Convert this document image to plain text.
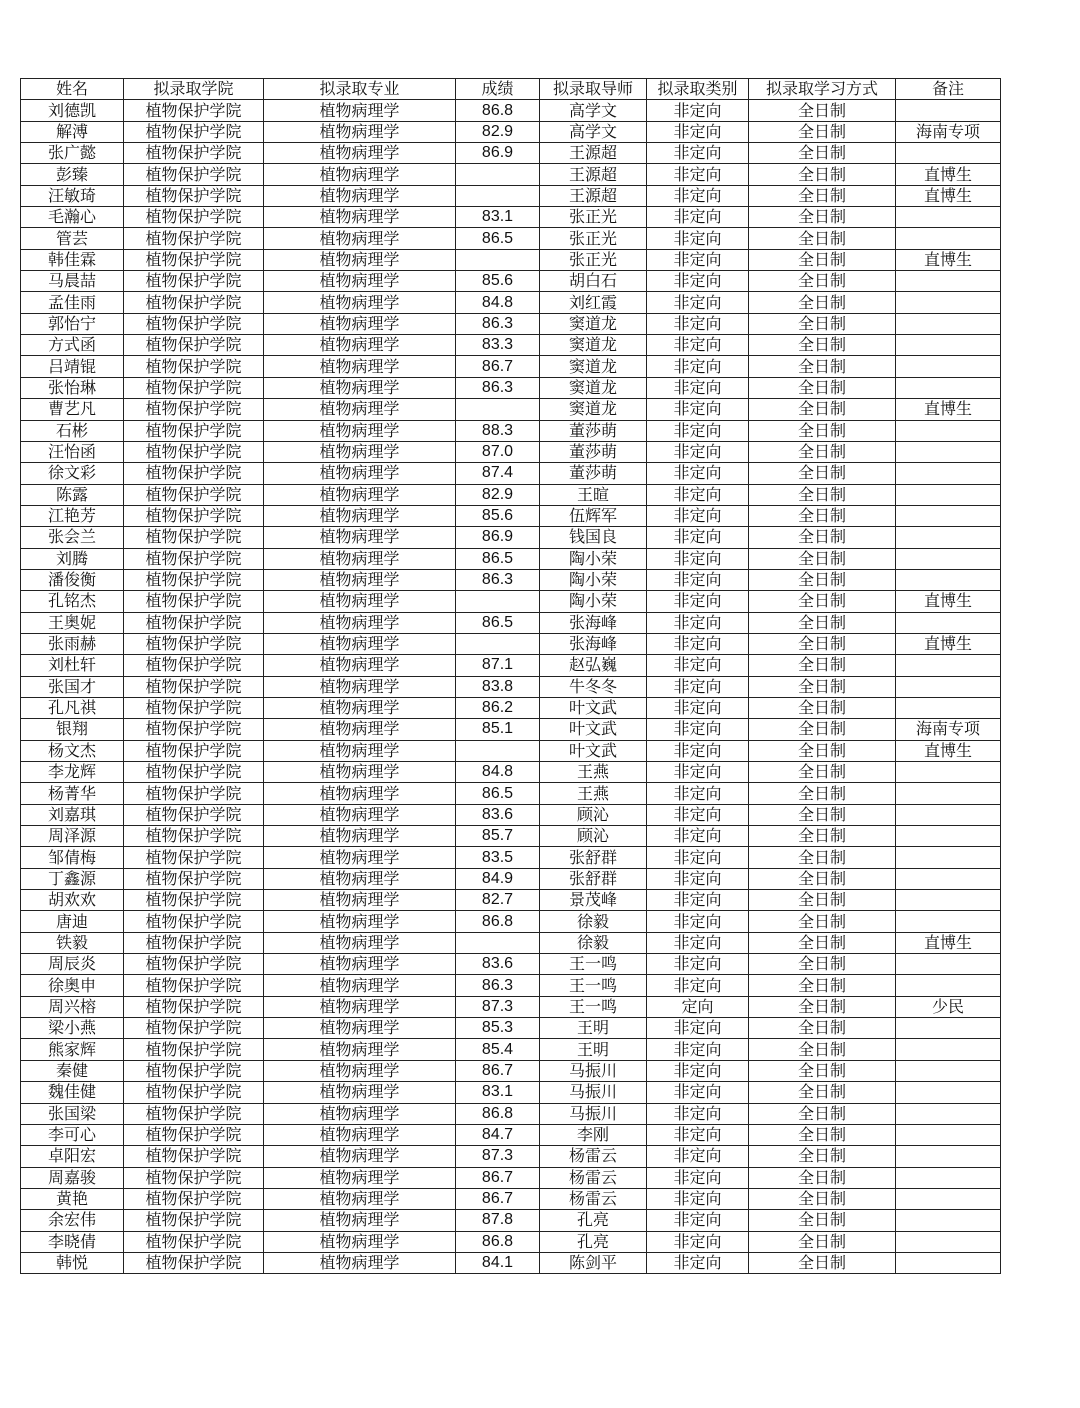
姓名	拟录取学院	拟录取专业	成绩	拟录取导师	拟录取类别	拟录取学习方式	备注
刘德凯	植物保护学院	植物病理学	86.8	高学文	非定向	全日制	
解溥	植物保护学院	植物病理学	82.9	高学文	非定向	全日制	海南专项
张广懿	植物保护学院	植物病理学	86.9	王源超	非定向	全日制	
彭臻	植物保护学院	植物病理学		王源超	非定向	全日制	直博生
汪敏琦	植物保护学院	植物病理学		王源超	非定向	全日制	直博生
毛瀚心	植物保护学院	植物病理学	83.1	张正光	非定向	全日制	
管芸	植物保护学院	植物病理学	86.5	张正光	非定向	全日制	
韩佳霖	植物保护学院	植物病理学		张正光	非定向	全日制	直博生
马晨喆	植物保护学院	植物病理学	85.6	胡白石	非定向	全日制	
孟佳雨	植物保护学院	植物病理学	84.8	刘红霞	非定向	全日制	
郭怡宁	植物保护学院	植物病理学	86.3	窦道龙	非定向	全日制	
方式函	植物保护学院	植物病理学	83.3	窦道龙	非定向	全日制	
吕靖锟	植物保护学院	植物病理学	86.7	窦道龙	非定向	全日制	
张怡琳	植物保护学院	植物病理学	86.3	窦道龙	非定向	全日制	
曹艺凡	植物保护学院	植物病理学		窦道龙	非定向	全日制	直博生
石彬	植物保护学院	植物病理学	88.3	董莎萌	非定向	全日制	
汪怡函	植物保护学院	植物病理学	87.0	董莎萌	非定向	全日制	
徐文彩	植物保护学院	植物病理学	87.4	董莎萌	非定向	全日制	
陈露	植物保护学院	植物病理学	82.9	王暄	非定向	全日制	
江艳芳	植物保护学院	植物病理学	85.6	伍辉军	非定向	全日制	
张会兰	植物保护学院	植物病理学	86.9	钱国良	非定向	全日制	
刘腾	植物保护学院	植物病理学	86.5	陶小荣	非定向	全日制	
潘俊衡	植物保护学院	植物病理学	86.3	陶小荣	非定向	全日制	
孔铭杰	植物保护学院	植物病理学		陶小荣	非定向	全日制	直博生
王奥妮	植物保护学院	植物病理学	86.5	张海峰	非定向	全日制	
张雨赫	植物保护学院	植物病理学		张海峰	非定向	全日制	直博生
刘杜轩	植物保护学院	植物病理学	87.1	赵弘巍	非定向	全日制	
张国才	植物保护学院	植物病理学	83.8	牛冬冬	非定向	全日制	
孔凡祺	植物保护学院	植物病理学	86.2	叶文武	非定向	全日制	
银翔	植物保护学院	植物病理学	85.1	叶文武	非定向	全日制	海南专项
杨文杰	植物保护学院	植物病理学		叶文武	非定向	全日制	直博生
李龙辉	植物保护学院	植物病理学	84.8	王燕	非定向	全日制	
杨菁华	植物保护学院	植物病理学	86.5	王燕	非定向	全日制	
刘嘉琪	植物保护学院	植物病理学	83.6	顾沁	非定向	全日制	
周泽源	植物保护学院	植物病理学	85.7	顾沁	非定向	全日制	
邹倩梅	植物保护学院	植物病理学	83.5	张舒群	非定向	全日制	
丁鑫源	植物保护学院	植物病理学	84.9	张舒群	非定向	全日制	
胡欢欢	植物保护学院	植物病理学	82.7	景茂峰	非定向	全日制	
唐迪	植物保护学院	植物病理学	86.8	徐毅	非定向	全日制	
铁毅	植物保护学院	植物病理学		徐毅	非定向	全日制	直博生
周辰炎	植物保护学院	植物病理学	83.6	王一鸣	非定向	全日制	
徐奥申	植物保护学院	植物病理学	86.3	王一鸣	非定向	全日制	
周兴榕	植物保护学院	植物病理学	87.3	王一鸣	定向	全日制	少民
梁小燕	植物保护学院	植物病理学	85.3	王明	非定向	全日制	
熊家辉	植物保护学院	植物病理学	85.4	王明	非定向	全日制	
秦健	植物保护学院	植物病理学	86.7	马振川	非定向	全日制	
魏佳健	植物保护学院	植物病理学	83.1	马振川	非定向	全日制	
张国梁	植物保护学院	植物病理学	86.8	马振川	非定向	全日制	
李可心	植物保护学院	植物病理学	84.7	李刚	非定向	全日制	
卓阳宏	植物保护学院	植物病理学	87.3	杨雷云	非定向	全日制	
周嘉骏	植物保护学院	植物病理学	86.7	杨雷云	非定向	全日制	
黄艳	植物保护学院	植物病理学	86.7	杨雷云	非定向	全日制	
余宏伟	植物保护学院	植物病理学	87.8	孔亮	非定向	全日制	
李晓倩	植物保护学院	植物病理学	86.8	孔亮	非定向	全日制	
韩悦	植物保护学院	植物病理学	84.1	陈剑平	非定向	全日制	
